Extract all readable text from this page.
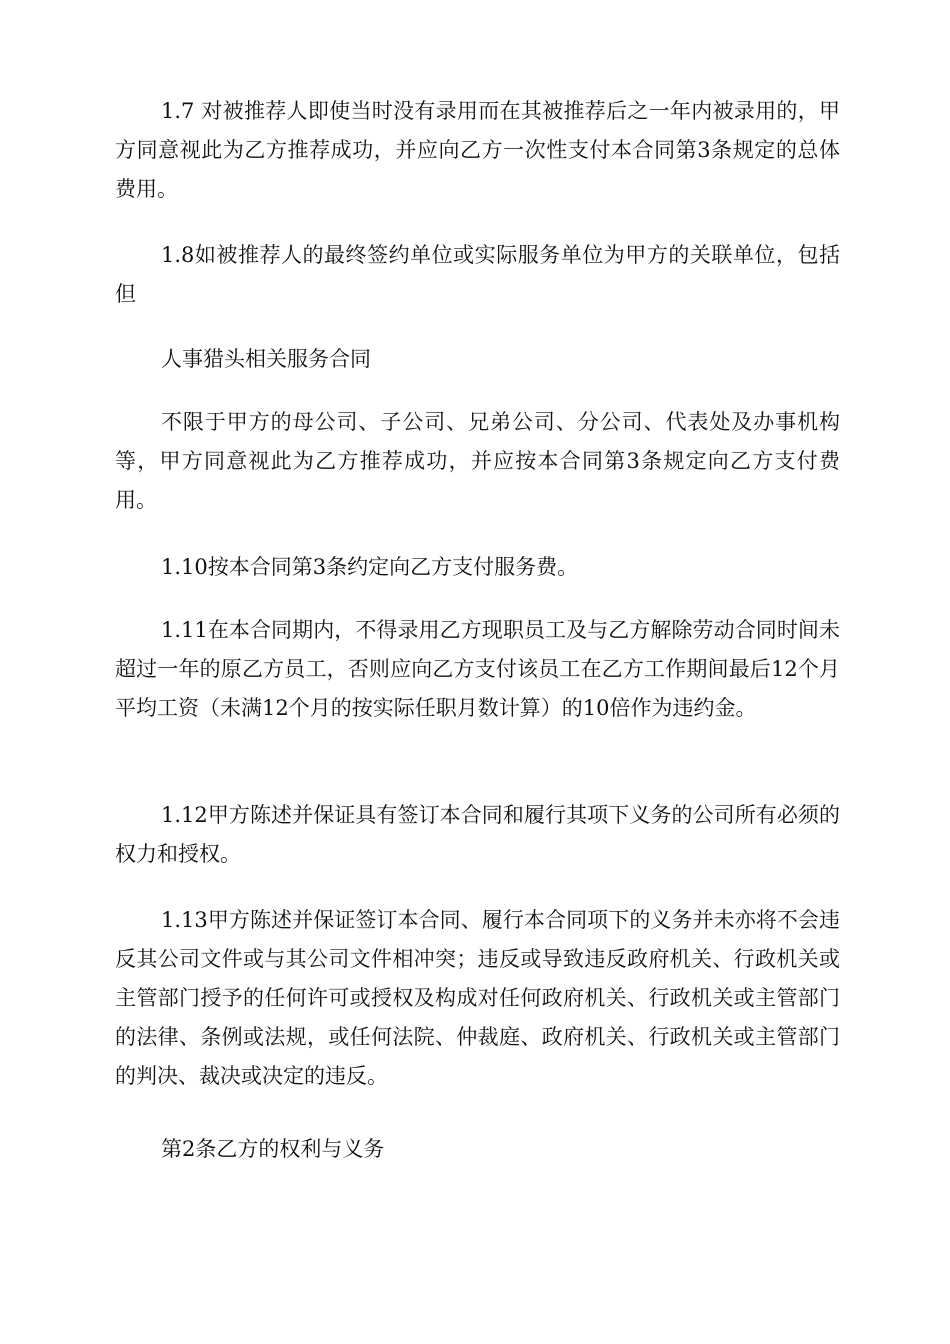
1.7 对被推荐人即使当时没有录用而在其被推荐后之一年内被录用的，甲方同意视此为乙方推荐成功，并应向乙方一次性支付本合同第3条规定的总体费用。

1.8如被推荐人的最终签约单位或实际服务单位为甲方的关联单位，包括但

人事猎头相关服务合同

不限于甲方的母公司、子公司、兄弟公司、分公司、代表处及办事机构等，甲方同意视此为乙方推荐成功，并应按本合同第3条规定向乙方支付费用。

1.10按本合同第3条约定向乙方支付服务费。

1.11在本合同期内，不得录用乙方现职员工及与乙方解除劳动合同时间未超过一年的原乙方员工，否则应向乙方支付该员工在乙方工作期间最后12个月平均工资（未满12个月的按实际任职月数计算）的10倍作为违约金。

1.12甲方陈述并保证具有签订本合同和履行其项下义务的公司所有必须的权力和授权。

1.13甲方陈述并保证签订本合同、履行本合同项下的义务并未亦将不会违反其公司文件或与其公司文件相冲突；违反或导致违反政府机关、行政机关或主管部门授予的任何许可或授权及构成对任何政府机关、行政机关或主管部门的法律、条例或法规，或任何法院、仲裁庭、政府机关、行政机关或主管部门的判决、裁决或决定的违反。

第2条乙方的权利与义务
